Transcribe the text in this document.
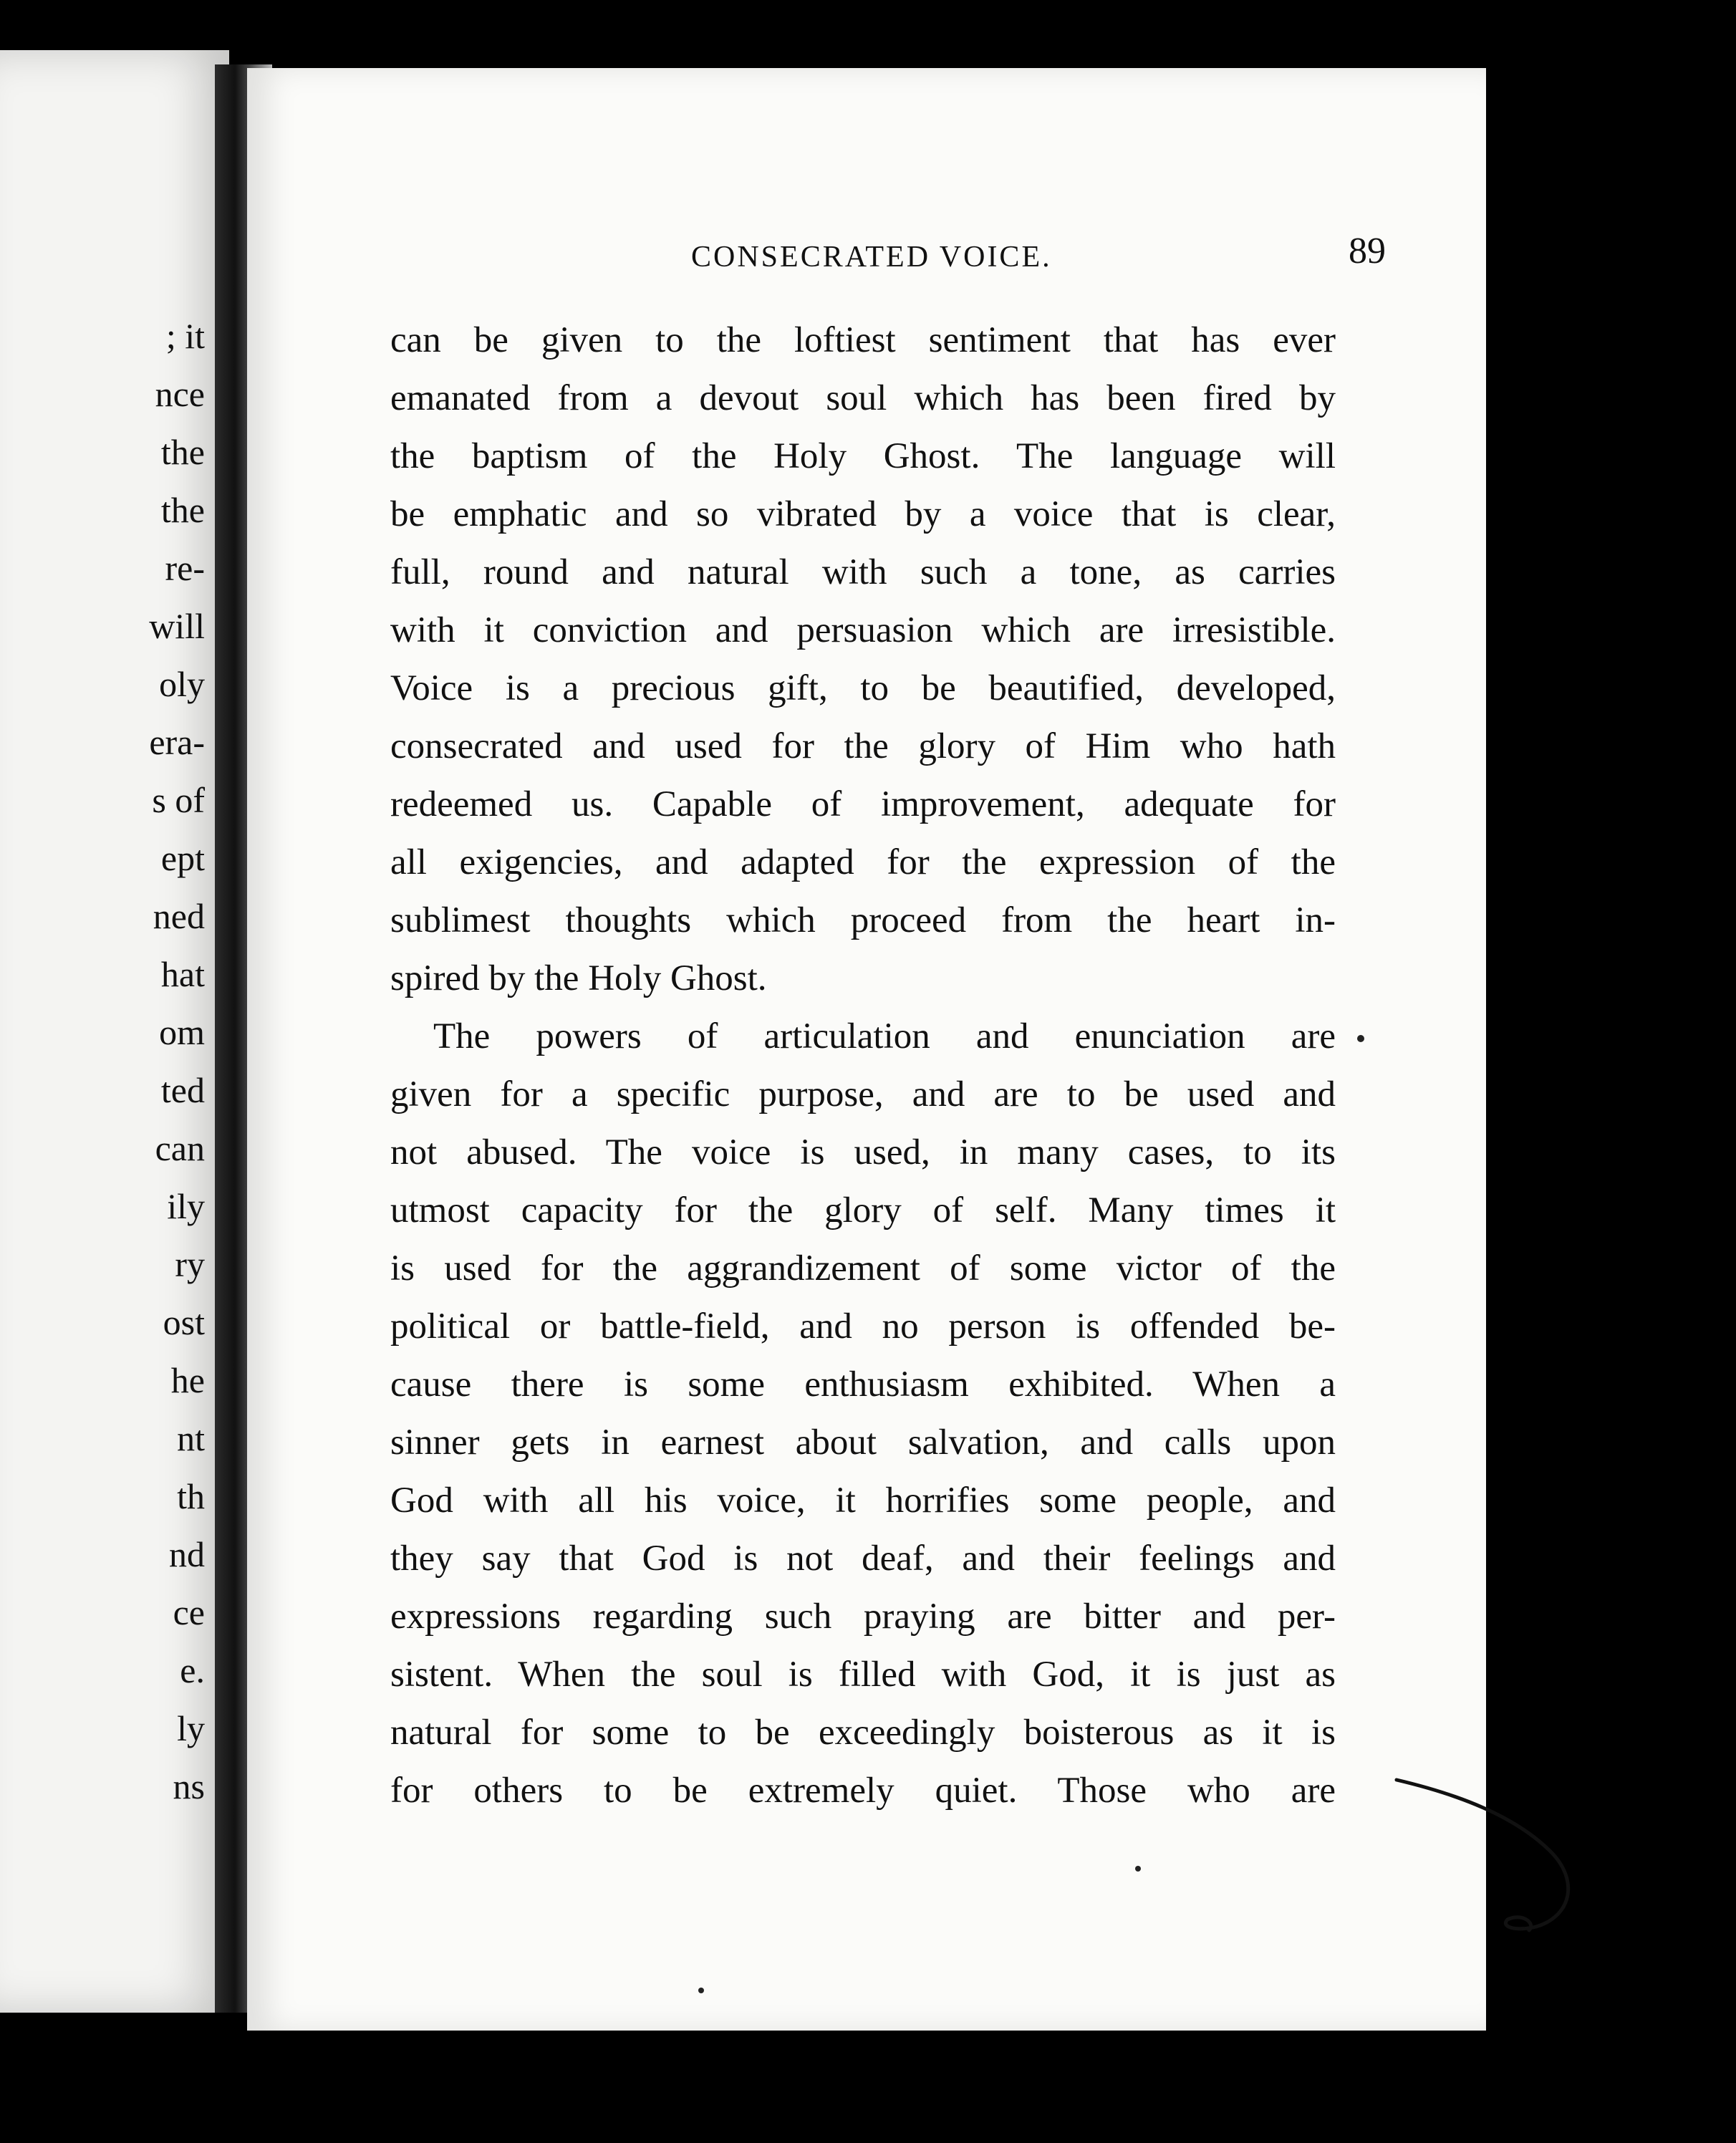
; it
nce
the
the
re-
will
oly
era-
s of
ept
ned
hat
om
ted
can
ily
ry
ost
he
nt
th
nd
ce
e.
ly
ns
CONSECRATED VOICE.	89
can be given to the loftiest sentiment that has ever
emanated from a devout soul which has been fired by
the baptism of the Holy Ghost. The language will
be emphatic and so vibrated by a voice that is clear,
full, round and natural with such a tone, as carries
with it conviction and persuasion which are irresistible.
Voice is a precious gift, to be beautified, developed,
consecrated and used for the glory of Him who hath
redeemed us. Capable of improvement, adequate for
all exigencies, and adapted for the expression of the
sublimest thoughts which proceed from the heart in-
spired by the Holy Ghost.
The powers of articulation and enunciation are
given for a specific purpose, and are to be used and
not abused. The voice is used, in many cases, to its
utmost capacity for the glory of self. Many times it
is used for the aggrandizement of some victor of the
political or battle-field, and no person is offended be-
cause there is some enthusiasm exhibited. When a
sinner gets in earnest about salvation, and calls upon
God with all his voice, it horrifies some people, and
they say that God is not deaf, and their feelings and
expressions regarding such praying are bitter and per-
sistent. When the soul is filled with God, it is just as
natural for some to be exceedingly boisterous as it is
for others to be extremely quiet. Those who are
